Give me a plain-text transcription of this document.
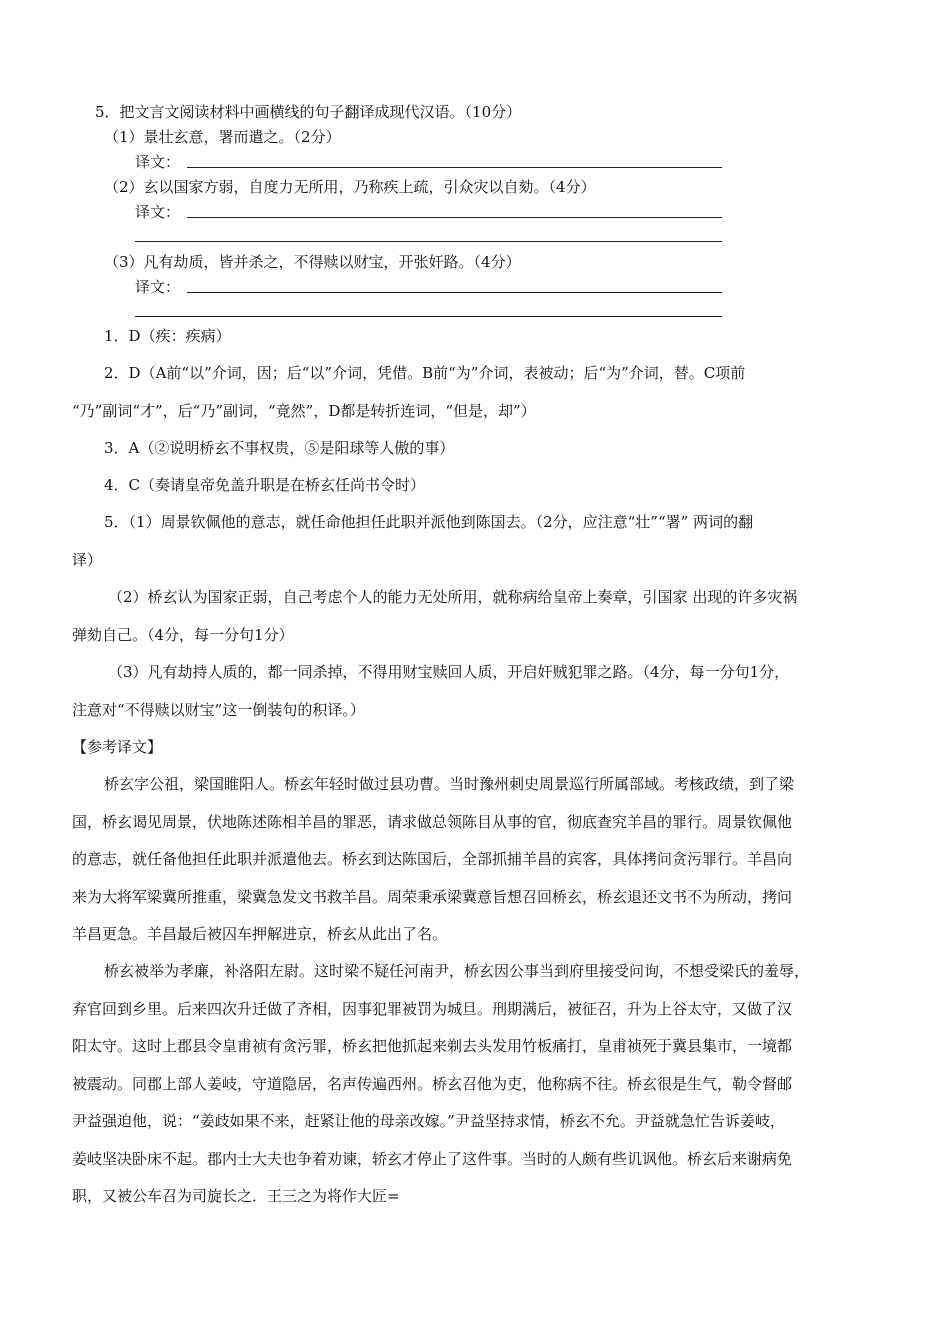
5．把文言文阅读材料中画横线的句子翻译成现代汉语。（10分）
（1）景壮玄意，署而遣之。（2分）
译文：
（2）玄以国家方弱，自度力无所用，乃称疾上疏，引众灾以自劾。（4分）
译文：
（3）凡有劫质，皆并杀之，不得赎以财宝，开张奸路。（4分）
译文：
1．D（疾：疾病）
2．D（A前“以”介词，因；后“以”介词，凭借。B前“为”介词，表被动；后“为”介词，替。C项前
“乃”副词“才”，后“乃”副词，“竟然”，D都是转折连词，“但是，却”）
3．A（②说明桥玄不事权贵，⑤是阳球等人傲的事）
4．C（奏请皇帝免盖升职是在桥玄任尚书令时）
5．（1）周景钦佩他的意志，就任命他担任此职并派他到陈国去。（2分，应注意“壮”“署” 两词的翻
译）
（2）桥玄认为国家正弱，自己考虑个人的能力无处所用，就称病给皇帝上奏章，引国家 出现的许多灾祸
弹劾自己。（4分，每一分句1分）
（3）凡有劫持人质的，都一同杀掉，不得用财宝赎回人质，开启奸贼犯罪之路。（4分，每一分句1分，
注意对“不得赎以财宝”这一倒装句的积译。）
【参考译文】
桥玄字公祖，梁国睢阳人。桥玄年轻时做过县功曹。当时豫州刺史周景巡行所属部域。考核政绩，到了梁
国，桥玄谒见周景，伏地陈述陈相羊昌的罪恶，请求做总领陈目从事的官，彻底查究羊昌的罪行。周景钦佩他
的意志，就任备他担任此职并派遣他去。桥玄到达陈国后，全部抓捕羊昌的宾客，具体拷问贪污罪行。羊昌向
来为大将军梁冀所推重，梁冀急发文书救羊昌。周荣秉承梁冀意旨想召回桥玄，桥玄退还文书不为所动，拷问
羊昌更急。羊昌最后被囚车押解进京，桥玄从此出了名。
桥玄被举为孝廉，补洛阳左尉。这时梁不疑任河南尹，桥玄因公事当到府里接受问询，不想受梁氏的羞辱，
弃官回到乡里。后来四次升迁做了齐相，因事犯罪被罚为城旦。刑期满后，被征召，升为上谷太守，又做了汉
阳太守。这时上郡县令皇甫祯有贪污罪，桥玄把他抓起来剃去头发用竹板痛打，皇甫祯死于冀县集市，一境都
被震动。同郡上部人姜岐，守道隐居，名声传遍西州。桥玄召他为吏，他称病不往。桥玄很是生气，勒令督邮
尹益强迫他，说：“姜歧如果不来，赶紧让他的母亲改嫁。”尹益坚持求情，桥玄不允。尹益就急忙告诉姜岐，
姜岐坚决卧床不起。郡内士大夫也争着劝谏，轿玄才停止了这件事。当时的人颇有些讥讽他。桥玄后来谢病免
职，又被公车召为司旋长之．王三之为将作大匠=
